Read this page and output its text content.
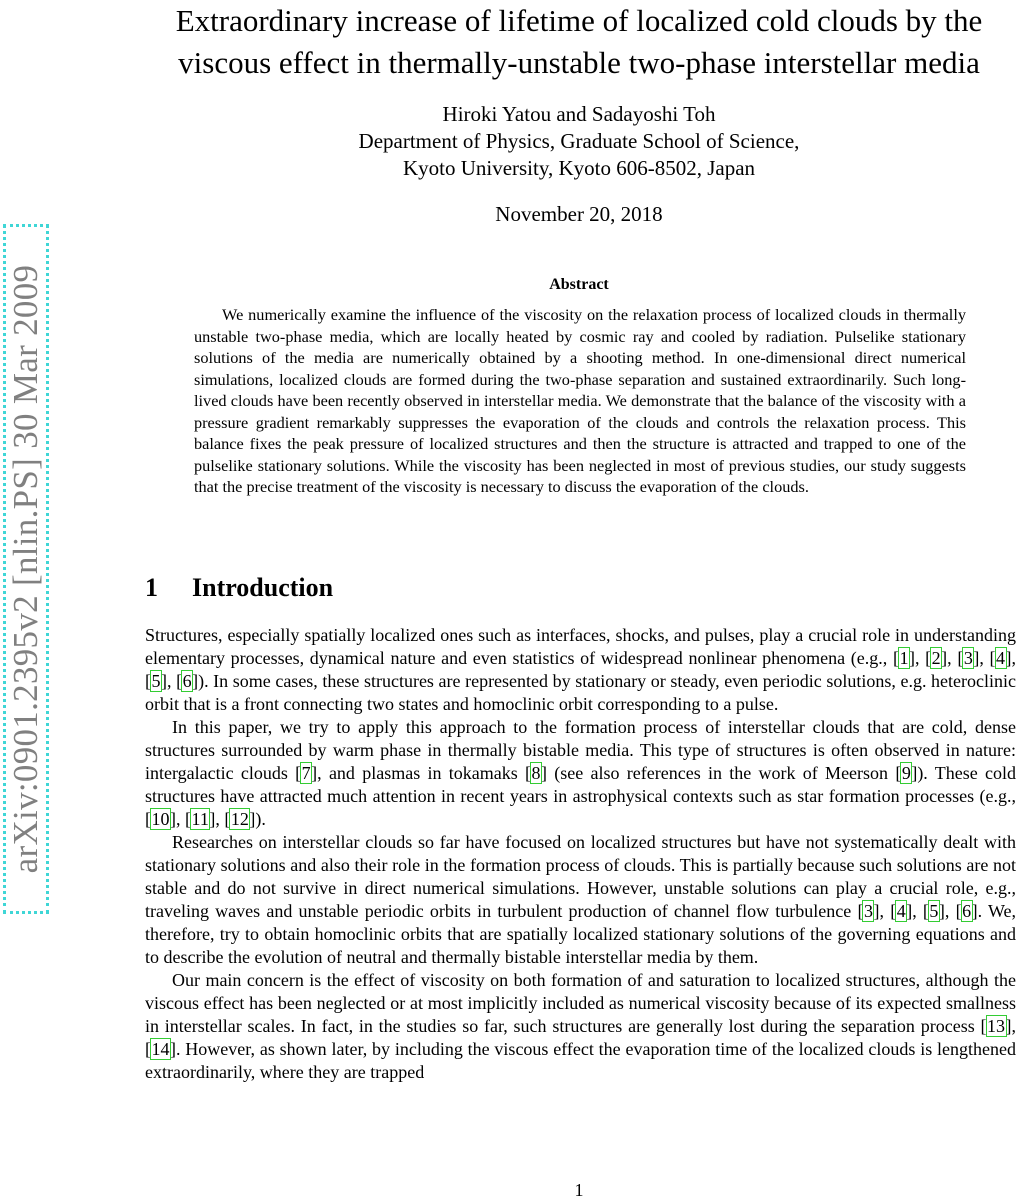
arXiv:0901.2395v2 [nlin.PS] 30 Mar 2009
Extraordinary increase of lifetime of localized cold clouds by the
viscous effect in thermally-unstable two-phase interstellar media
Hiroki Yatou and Sadayoshi Toh
Department of Physics, Graduate School of Science,
Kyoto University, Kyoto 606-8502, Japan
November 20, 2018
Abstract
We numerically examine the influence of the viscosity on the relaxation process of localized clouds in thermally unstable two-phase media, which are locally heated by cosmic ray and cooled by radiation. Pulselike stationary solutions of the media are numerically obtained by a shooting method. In one-dimensional direct numerical simulations, localized clouds are formed during the two-phase separation and sustained extraordinarily. Such long-lived clouds have been recently observed in interstellar media. We demonstrate that the balance of the viscosity with a pressure gradient remarkably suppresses the evaporation of the clouds and controls the relaxation process. This balance fixes the peak pressure of localized structures and then the structure is attracted and trapped to one of the pulselike stationary solutions. While the viscosity has been neglected in most of previous studies, our study suggests that the precise treatment of the viscosity is necessary to discuss the evaporation of the clouds.
1 Introduction

Structures, especially spatially localized ones such as interfaces, shocks, and pulses, play a crucial role in understanding elementary processes, dynamical nature and even statistics of widespread nonlinear phenomena (e.g., [1], [2], [3], [4], [5], [6]). In some cases, these structures are represented by stationary or steady, even periodic solutions, e.g. heteroclinic orbit that is a front connecting two states and homoclinic orbit corresponding to a pulse.

In this paper, we try to apply this approach to the formation process of interstellar clouds that are cold, dense structures surrounded by warm phase in thermally bistable media. This type of structures is often observed in nature: intergalactic clouds [7], and plasmas in tokamaks [8] (see also references in the work of Meerson [9]). These cold structures have attracted much attention in recent years in astrophysical contexts such as star formation processes (e.g., [10], [11], [12]).

Researches on interstellar clouds so far have focused on localized structures but have not systematically dealt with stationary solutions and also their role in the formation process of clouds. This is partially because such solutions are not stable and do not survive in direct numerical simulations. However, unstable solutions can play a crucial role, e.g., traveling waves and unstable periodic orbits in turbulent production of channel flow turbulence [3], [4], [5], [6]. We, therefore, try to obtain homoclinic orbits that are spatially localized stationary solutions of the governing equations and to describe the evolution of neutral and thermally bistable interstellar media by them.

Our main concern is the effect of viscosity on both formation of and saturation to localized structures, although the viscous effect has been neglected or at most implicitly included as numerical viscosity because of its expected smallness in interstellar scales. In fact, in the studies so far, such structures are generally lost during the separation process [13], [14]. However, as shown later, by including the viscous effect the evaporation time of the localized clouds is lengthened extraordinarily, where they are trapped

1
